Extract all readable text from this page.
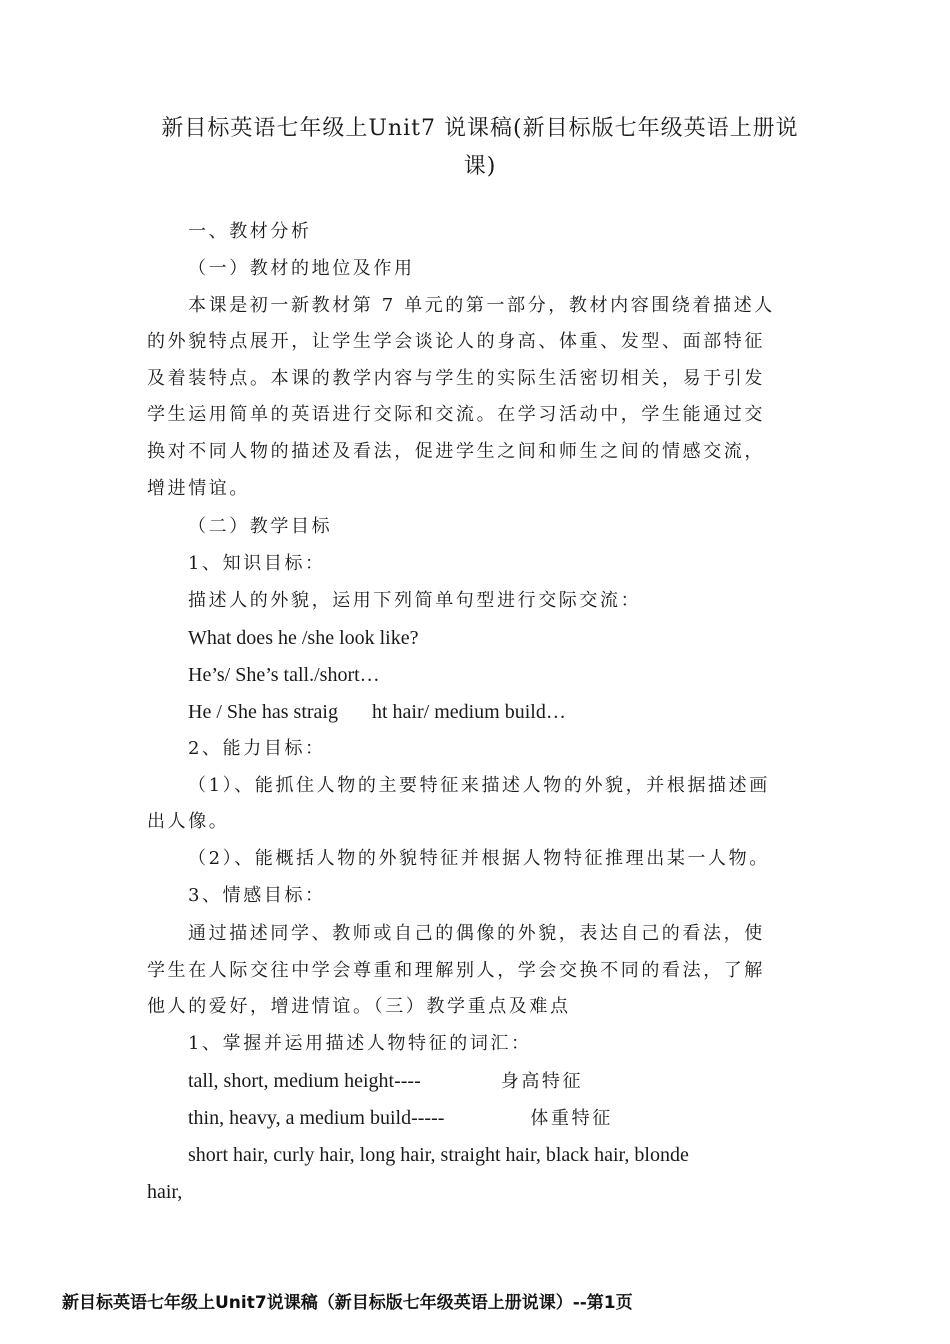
新目标英语七年级上Unit7 说课稿(新目标版七年级英语上册说
课)
一、教材分析
（一）教材的地位及作用
本课是初一新教材第 7 单元的第一部分，教材内容围绕着描述人
的外貌特点展开，让学生学会谈论人的身高、体重、发型、面部特征
及着装特点。本课的教学内容与学生的实际生活密切相关，易于引发
学生运用简单的英语进行交际和交流。在学习活动中，学生能通过交
换对不同人物的描述及看法，促进学生之间和师生之间的情感交流，
增进情谊。
（二）教学目标
1、知识目标：
描述人的外貌，运用下列简单句型进行交际交流：
What does he /she look like?
He’s/ She’s tall./short…
He / She has straig ht hair/ medium build…
2、能力目标：
（1）、能抓住人物的主要特征来描述人物的外貌，并根据描述画
出人像。
（2）、能概括人物的外貌特征并根据人物特征推理出某一人物。
3、情感目标：
通过描述同学、教师或自己的偶像的外貌，表达自己的看法，使
学生在人际交往中学会尊重和理解别人，学会交换不同的看法，了解
他人的爱好，增进情谊。（三）教学重点及难点
1、掌握并运用描述人物特征的词汇：
tall, short, medium height----	身高特征
thin, heavy, a medium build-----	体重特征
short hair, curly hair, long hair, straight hair, black hair, blonde
hair,
新目标英语七年级上Unit7说课稿（新目标版七年级英语上册说课）--第1页
